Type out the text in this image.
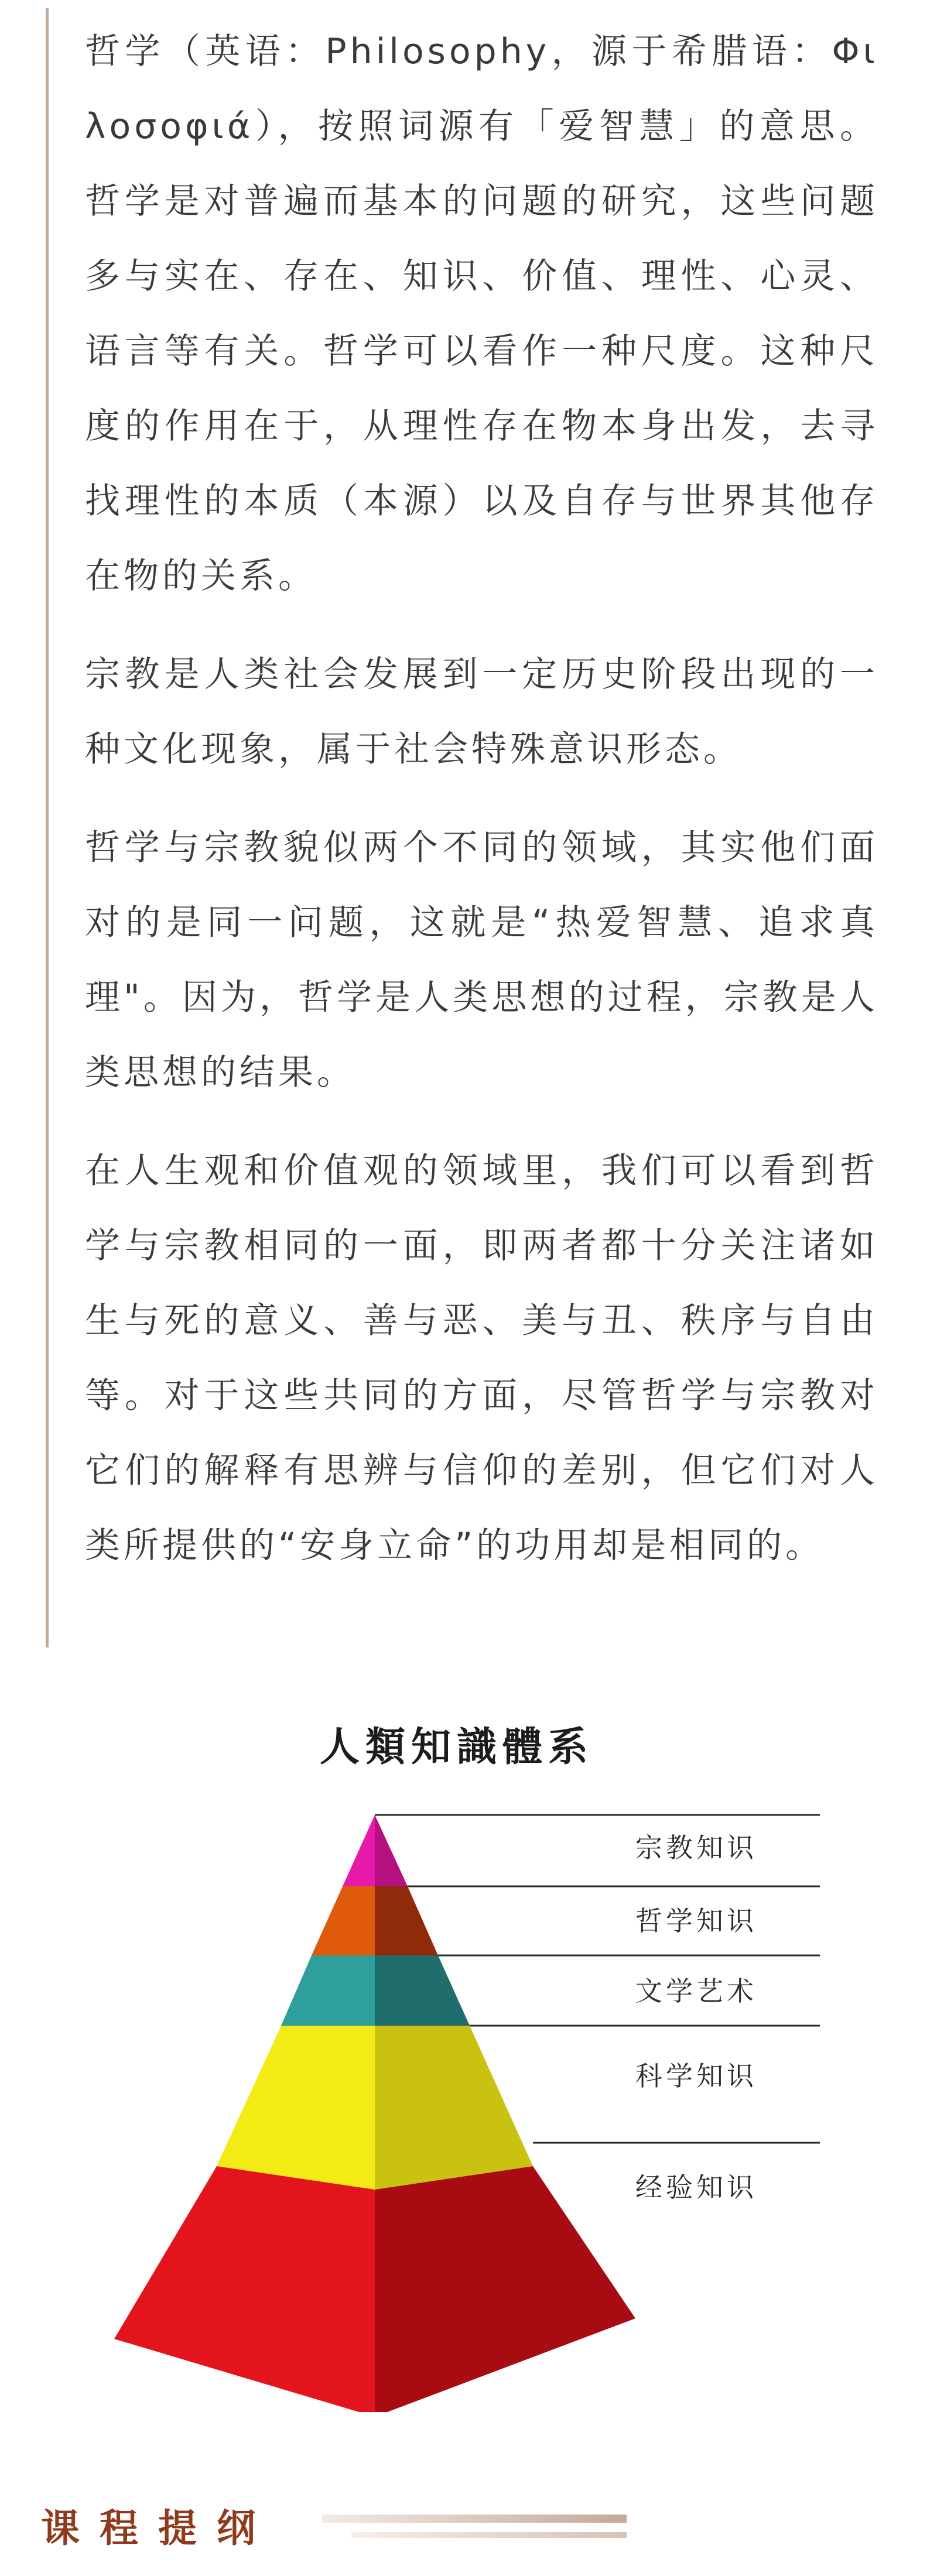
哲学（英语：Philosophy，源于希腊语：Φιλοσοφιά），按照词源有「爱智慧」的意思。哲学是对普遍而基本的问题的研究，这些问题多与实在、存在、知识、价值、理性、心灵、语言等有关。哲学可以看作一种尺度。这种尺度的作用在于，从理性存在物本身出发，去寻找理性的本质（本源）以及自存与世界其他存在物的关系。

宗教是人类社会发展到一定历史阶段出现的一种文化现象，属于社会特殊意识形态。

哲学与宗教貌似两个不同的领域，其实他们面对的是同一问题，这就是“热爱智慧、追求真理"。因为，哲学是人类思想的过程，宗教是人类思想的结果。

在人生观和价值观的领域里，我们可以看到哲学与宗教相同的一面，即两者都十分关注诸如生与死的意义、善与恶、美与丑、秩序与自由等。对于这些共同的方面，尽管哲学与宗教对它们的解释有思辨与信仰的差别，但它们对人类所提供的“安身立命”的功用却是相同的。

人類知識體系
宗教知识
哲学知识
文学艺术
科学知识
经验知识
课程提纲
